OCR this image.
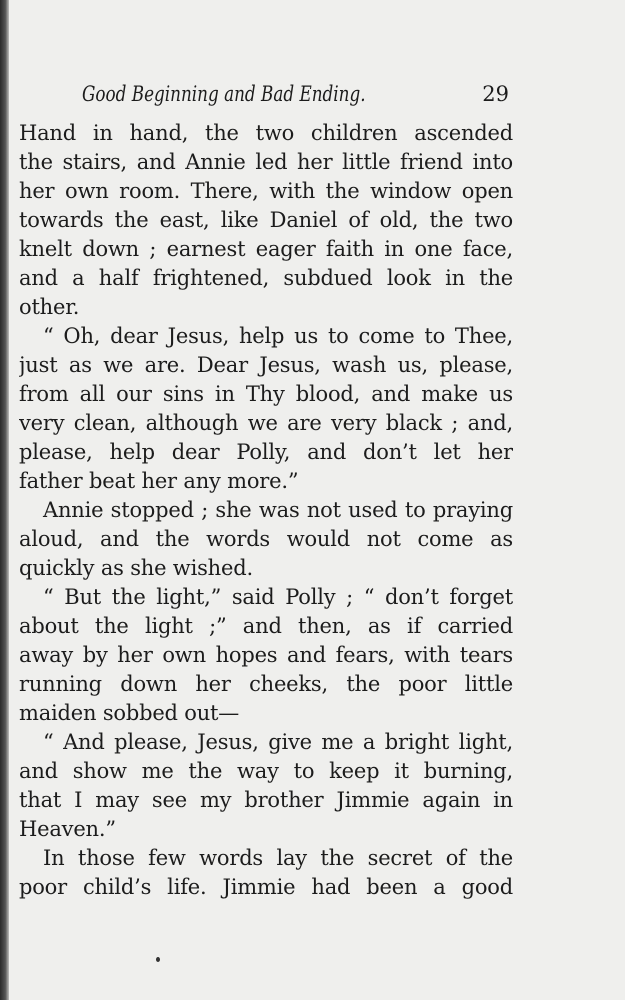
Good Beginning and Bad Ending.	29
Hand in hand, the two children ascended
the stairs, and Annie led her little friend into
her own room. There, with the window open
towards the east, like Daniel of old, the two
knelt down ; earnest eager faith in one face,
and a half frightened, subdued look in the
other.
“ Oh, dear Jesus, help us to come to Thee,
just as we are. Dear Jesus, wash us, please,
from all our sins in Thy blood, and make us
very clean, although we are very black ; and,
please, help dear Polly, and don’t let her
father beat her any more.”
Annie stopped ; she was not used to praying
aloud, and the words would not come as
quickly as she wished.
“ But the light,” said Polly ; “ don’t forget
about the light ;” and then, as if carried
away by her own hopes and fears, with tears
running down her cheeks, the poor little
maiden sobbed out—
“ And please, Jesus, give me a bright light,
and show me the way to keep it burning,
that I may see my brother Jimmie again in
Heaven.”
In those few words lay the secret of the
poor child’s life. Jimmie had been a good
